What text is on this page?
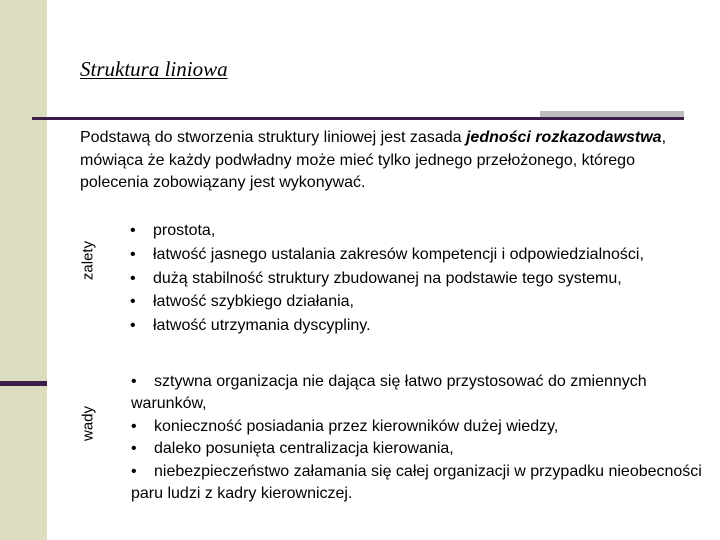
Struktura liniowa
Podstawą do stworzenia struktury liniowej jest zasada jedności rozkazodawstwa, mówiąca że każdy podwładny może mieć tylko jednego przełożonego, którego polecenia zobowiązany jest wykonywać.
zalety
wady
•	prostota,
•	łatwość jasnego ustalania zakresów kompetencji i odpowiedzialności,
•	dużą stabilność struktury zbudowanej na podstawie tego systemu,
•	łatwość szybkiego działania,
•	łatwość utrzymania dyscypliny.
• sztywna organizacja nie dająca się łatwo przystosować do zmiennych warunków,
• konieczność posiadania przez kierowników dużej wiedzy,
• daleko posunięta centralizacja kierowania,
• niebezpieczeństwo załamania się całej organizacji w przypadku nieobecności paru ludzi z kadry kierowniczej.
